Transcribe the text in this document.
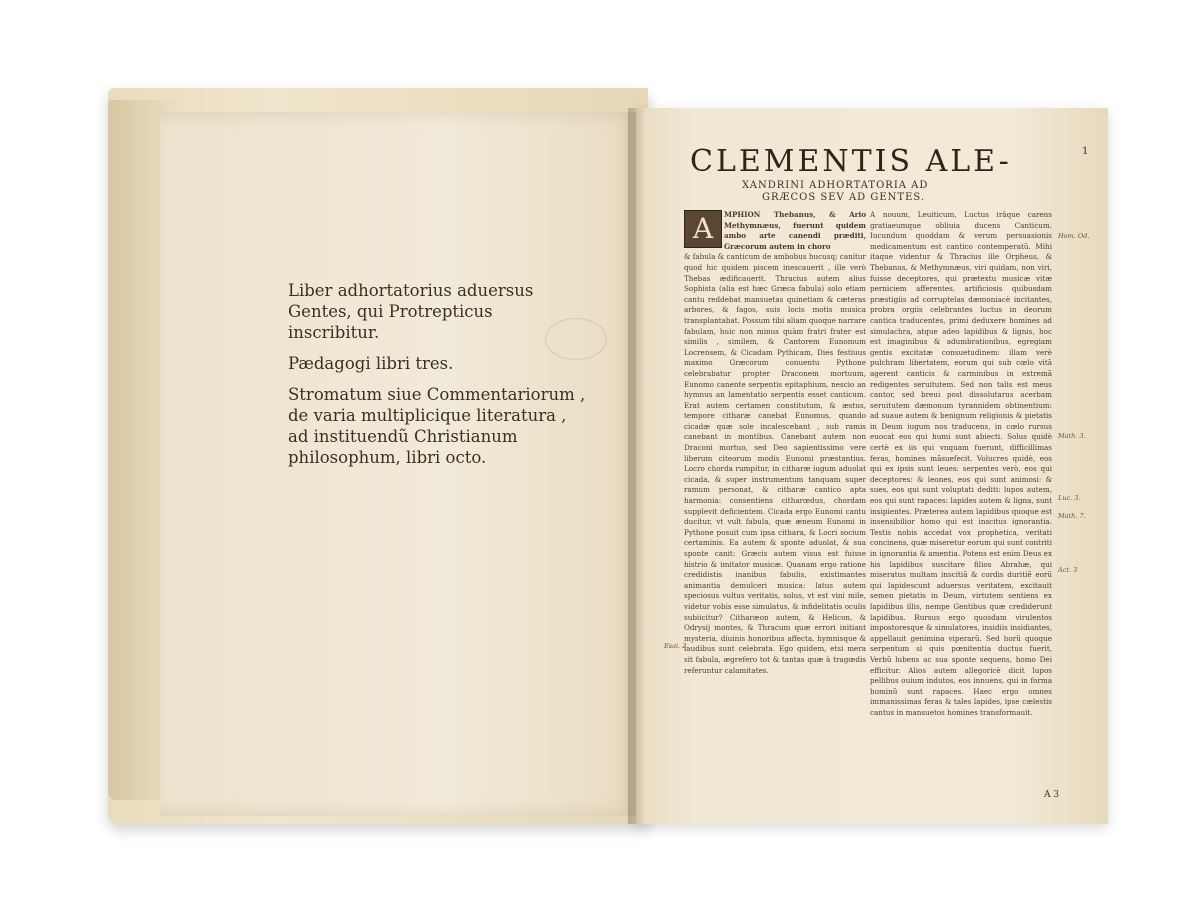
Liber adhortatorius aduersus Gentes, qui Protrepticus inscribitur.

Pædagogi libri tres.

Stromatum siue Commentariorum , de varia multiplicique literatura , ad instituendũ Christianum philosophum, libri octo.

CLEMENTIS ALE-	1
XANDRINI ADHORTATORIA AD
GRÆCOS SEV AD GENTES.
MPHION Thebanus, & Ario Methymnæus, fuerunt quidem ambo arte canendi præditi, Græcorum autem in choro
& fabula & canticum de ambobus hucusq; canitur quod hic quidem piscem inescauerit , ille verò Thebas ædificauerit. Thracius autem alius Sophista (alia est hæc Græca fabula) solo etiam cantu reddebat mansuetas quinetiam & cæteras arbores, & fagos, suis locis motis musica transplantabat. Possum tibi aliam quoque narrare fabulam, huic non minus quàm fratri frater est similis , similem, & Cantorem Eunomum Locrensem, & Cicadam Pythicam, Dies festiuus maximo Græcorum conuentu Pythone celebrabatur propter Draconem mortuum, Eunomo canente serpentis epitaphium, nescio an hymnus an lamentatio serpentis esset canticum. Erat autem certamen constitutum, & æstus, tempore citharæ canebat Eunomus, quando cicadæ quæ sole incalescebant , sub ramis canebant in montibus. Canebant autem non Draconi mortuo, sed Deo sapientissimo vere liberum citeorum modis Eunomi præstantius. Locro chorda rumpitur, in citharæ iugum aduolat cicada, & super instrumentum tanquam super ramum personat, & citharæ cantico apta harmonia: consentiens citharœdus, chordam supplevit deficientem. Cicada ergo Eunomi cantu ducitur, vt vult fabula, quæ æneum Eunomi in Pythone posuit cum ipsa cithara, & Locri socium certaminis. Ea autem & sponte aduolat, & sua sponte canit: Græcis autem visus est fuisse histrio & imitator musicæ. Quanam ergo ratione credidistis inanibus fabulis, existimantes animantia demulceri musica: latus autem speciosus vultus veritatis, solus, vt est vini mile, videtur vobis esse simulatus, & infidelitatis oculis subiicitur? Citharæon autem, & Helicon, & Odrysij montes, & Thracum quæ errori initiant mysteria, diuinis honoribus affecta, hymnisque & laudibus sunt celebrata. Ego quidem, etsi mera sit fabula, ægrefero tot & tantas quæ à tragœdis referuntur calamitates.
A	A nouum, Leuiticum, Luctus irâque carens gratiaeumque obliuia ducens Canticum. Iucundum quoddam & verum persuasionis medicamentum est cantico contemperatũ. Mihi itaque videntur & Thracius ille Orpheus, & Thebanus, & Methymnæus, viri quidam, non viri, fuisse deceptores, qui prætextu musicæ vitæ perniciem afferentes, artificiosis quibusdam præstigiis ad corruptelas dæmoniacè incitantes, probra orgiis celebrantes luctus in deorum cantica traducentes, primi deduxere homines ad simulachra, atque adeo lapidibus & lignis, hoc est imaginibus & adumbrationibus, egregiam gentis excitatæ consuetudinem: illam verè pulchram libertatem, eorum qui sub cœlo vitã agerent canticis & carminibus in extremã redigentes seruitutem. Sed non talis est meus cantor, sed breui post dissolutarus acerbam seruitutem dæmonum tyrannidem obtinentium: ad suaue autem & benignum religionis & pietatis in Deum iugum nos traducens, in cœlo rursus euocat eos qui humi sunt abiecti. Solus quidè certè ex iis qui vnquam fuerunt, difficillimas feras, homines mãsuefecit. Volucres quidè, eos qui ex ipsis sunt leues: serpentes verò, eos qui deceptores: & leones, eos qui sunt animosi: & sues, eos qui sunt voluptati dediti: lupos autem, eos qui sunt rapaces: lapides autem & ligna, sunt insipientes. Præterea autem lapidibus quoque est insensibilior homo qui est inscitus ignorantia. Testis nobis accedat vox prophetica, veritati concinens, quæ miseretur eorum qui sunt contriti in ignorantia & amentia. Potens est enim Deus ex his lapidibus suscitare filios Abrahæ, qui miseratus multam inscitiã & cordis duritiẽ eorũ qui lapidescunt aduersus veritatem, excitauit semen pietatis in Deum, virtutem sentiens ex lapidibus illis, nempe Gentibus quæ crediderunt lapidibus. Rursus ergo quosdam virulentos impostoresque & simulatores, insidiis insidiantes, appellauit genimina viperarũ. Sed horũ quoque serpentum si quis pœnitentia ductus fuerit, Verbũ lubens ac sua sponte sequens, homo Dei efficitur. Alios autem allegoricè dicit lupos pellibus ouium indutos, eos innuens, qui in forma hominũ sunt rapaces. Haec ergo omnes immanissimas feras & tales lapides, ipse cælestis cantus in mansuetos homines transformauit.
Hom. Od.
Math. 3.
Luc. 3.
Math. 7.
Act. 3
Esai. 2.
A 3
